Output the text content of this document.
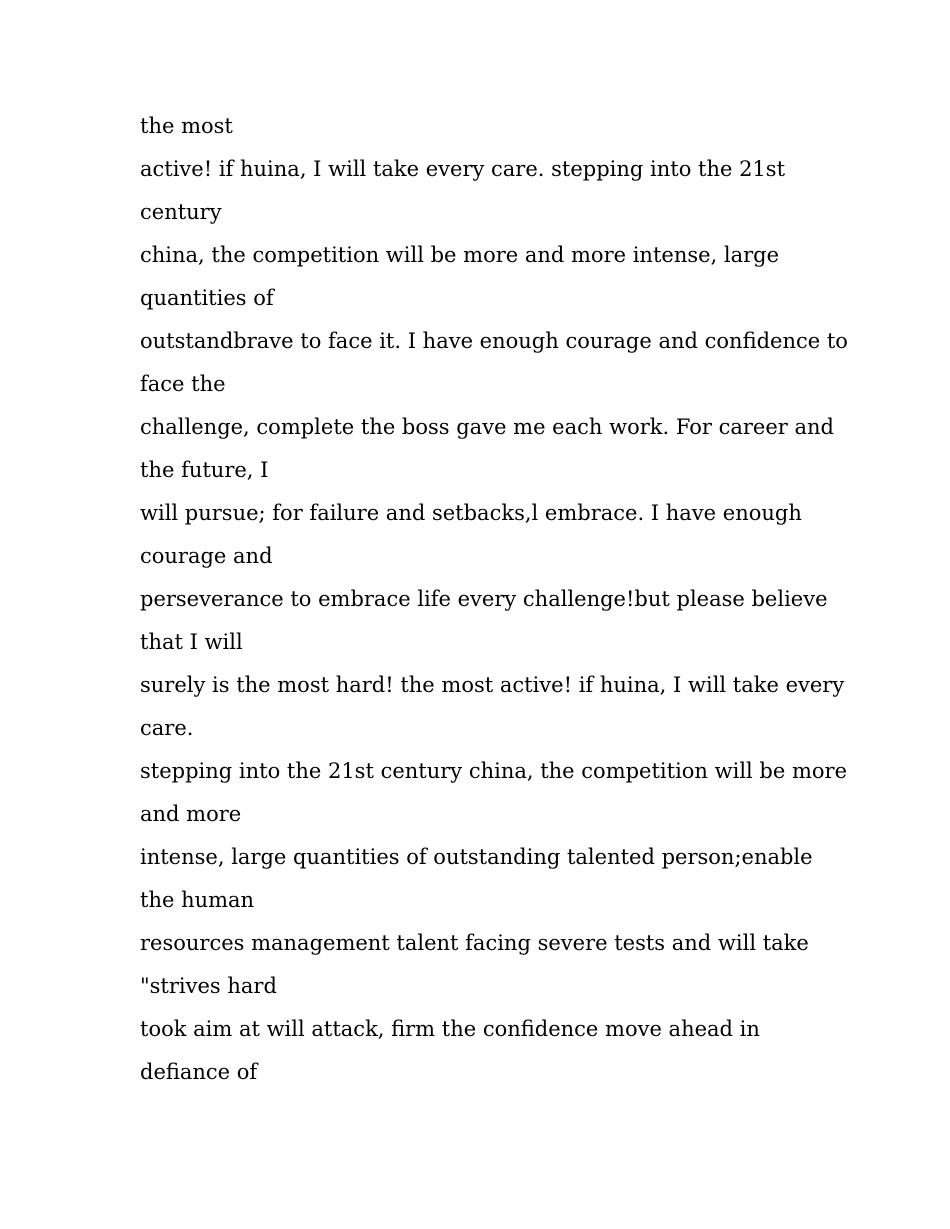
the most

active! if huina, I will take every care. stepping into the 21st

century

china, the competition will be more and more intense, large

quantities of

outstandbrave to face it. I have enough courage and confidence to

face the

challenge, complete the boss gave me each work. For career and

the future, I

will pursue; for failure and setbacks,l embrace. I have enough

courage and

perseverance to embrace life every challenge!but please believe

that I will

surely is the most hard! the most active! if huina, I will take every

care.

stepping into the 21st century china, the competition will be more

and more

intense, large quantities of outstanding talented person;enable

the human

resources management talent facing severe tests and will take

"strives hard

took aim at will attack, firm the confidence move ahead in

defiance of
